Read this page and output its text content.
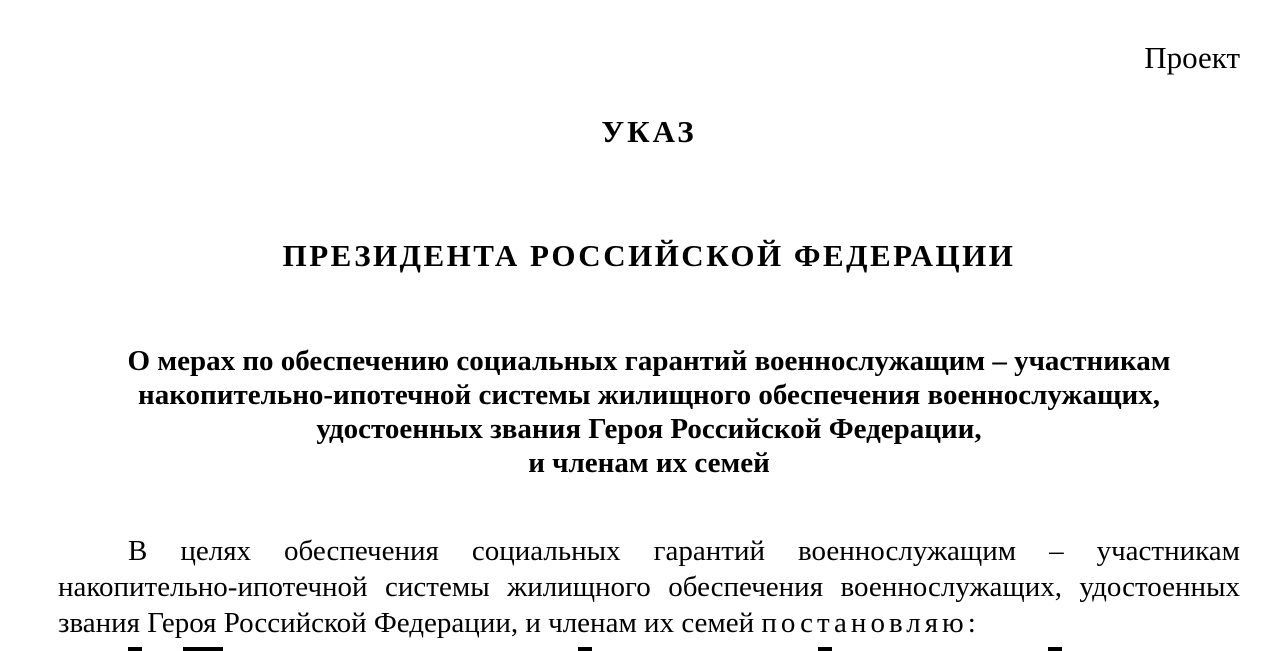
Проект
УКАЗ
ПРЕЗИДЕНТА РОССИЙСКОЙ ФЕДЕРАЦИИ
О мерах по обеспечению социальных гарантий военнослужащим – участникам
накопительно-ипотечной системы жилищного обеспечения военнослужащих,
удостоенных звания Героя Российской Федерации,
и членам их семей
В целях обеспечения социальных гарантий военнослужащим – участникам
накопительно-ипотечной системы жилищного обеспечения военнослужащих, удостоенных
звания Героя Российской Федерации, и членам их семей постановляю:
